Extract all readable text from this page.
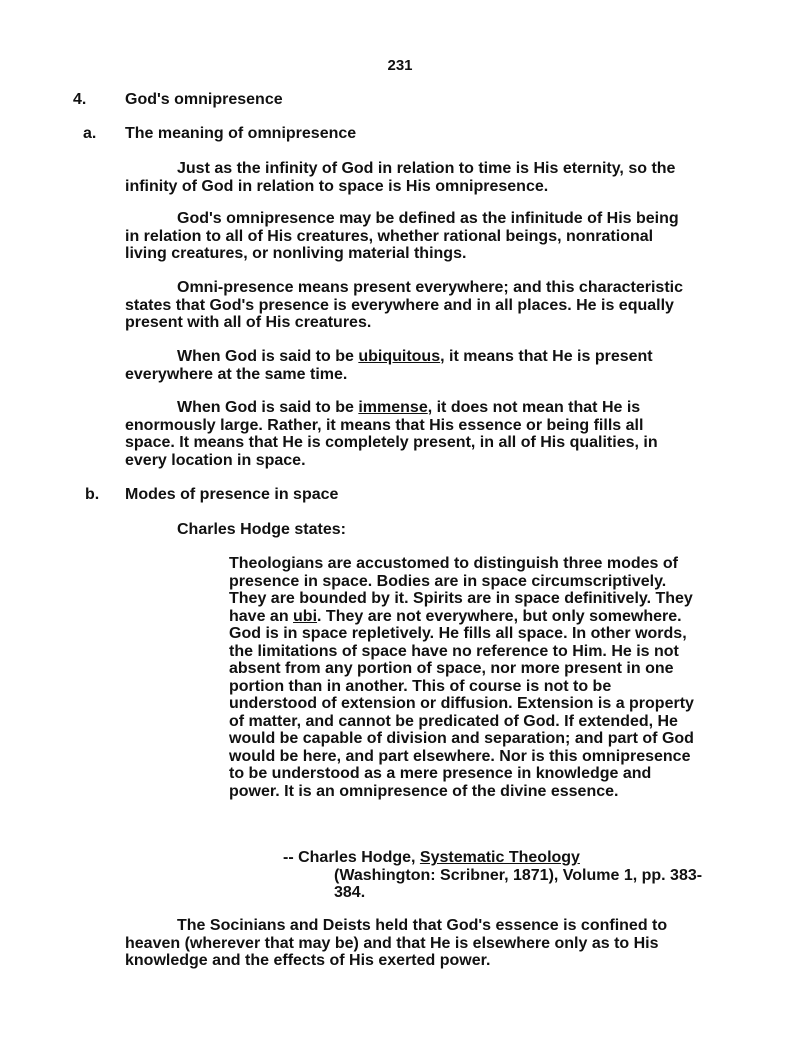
231
4. God's omnipresence
a. The meaning of omnipresence

Just as the infinity of God in relation to time is His eternity, so the infinity of God in relation to space is His omnipresence.

God's omnipresence may be defined as the infinitude of His being in relation to all of His creatures, whether rational beings, nonrational living creatures, or nonliving material things.

Omni-presence means present everywhere; and this characteristic states that God's presence is everywhere and in all places. He is equally present with all of His creatures.

When God is said to be ubiquitous, it means that He is present everywhere at the same time.

When God is said to be immense, it does not mean that He is enormously large. Rather, it means that His essence or being fills all space. It means that He is completely present, in all of His qualities, in every location in space.

b. Modes of presence in space
Charles Hodge states:

Theologians are accustomed to distinguish three modes of presence in space. Bodies are in space circumscriptively. They are bounded by it. Spirits are in space definitively. They have an ubi. They are not everywhere, but only somewhere. God is in space repletively. He fills all space. In other words, the limitations of space have no reference to Him. He is not absent from any portion of space, nor more present in one portion than in another. This of course is not to be understood of extension or diffusion. Extension is a property of matter, and cannot be predicated of God. If extended, He would be capable of division and separation; and part of God would be here, and part elsewhere. Nor is this omnipresence to be understood as a mere presence in knowledge and power. It is an omnipresence of the divine essence.

-- Charles Hodge, Systematic Theology
(Washington: Scribner, 1871), Volume 1, pp. 383-384.

The Socinians and Deists held that God's essence is confined to heaven (wherever that may be) and that He is elsewhere only as to His knowledge and the effects of His exerted power.
